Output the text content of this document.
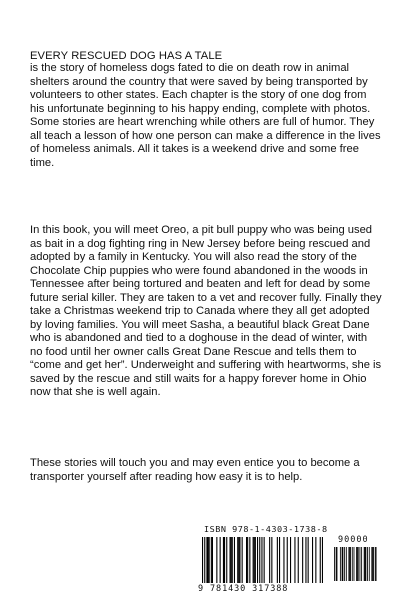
EVERY RESCUED DOG HAS A TALE

is the story of homeless dogs fated to die on death row in animal shelters around the country that were saved by being transported by volunteers to other states. Each chapter is the story of one dog from his unfortunate beginning to his happy ending, complete with photos. Some stories are heart wrenching while others are full of humor. They all teach a lesson of how one person can make a difference in the lives of homeless animals. All it takes is a weekend drive and some free time.

In this book, you will meet Oreo, a pit bull puppy who was being used as bait in a dog fighting ring in New Jersey before being rescued and adopted by a family in Kentucky. You will also read the story of the Chocolate Chip puppies who were found abandoned in the woods in Tennessee after being tortured and beaten and left for dead by some future serial killer. They are taken to a vet and recover fully. Finally they take a Christmas weekend trip to Canada where they all get adopted by loving families. You will meet Sasha, a beautiful black Great Dane who is abandoned and tied to a doghouse in the dead of winter, with no food until her owner calls Great Dane Rescue and tells them to “come and get her”. Underweight and suffering with heartworms, she is saved by the rescue and still waits for a happy forever home in Ohio now that she is well again.

These stories will touch you and may even entice you to become a transporter yourself after reading how easy it is to help.

ISBN 978-1-4303-1738-8
90000
9 781430 317388
